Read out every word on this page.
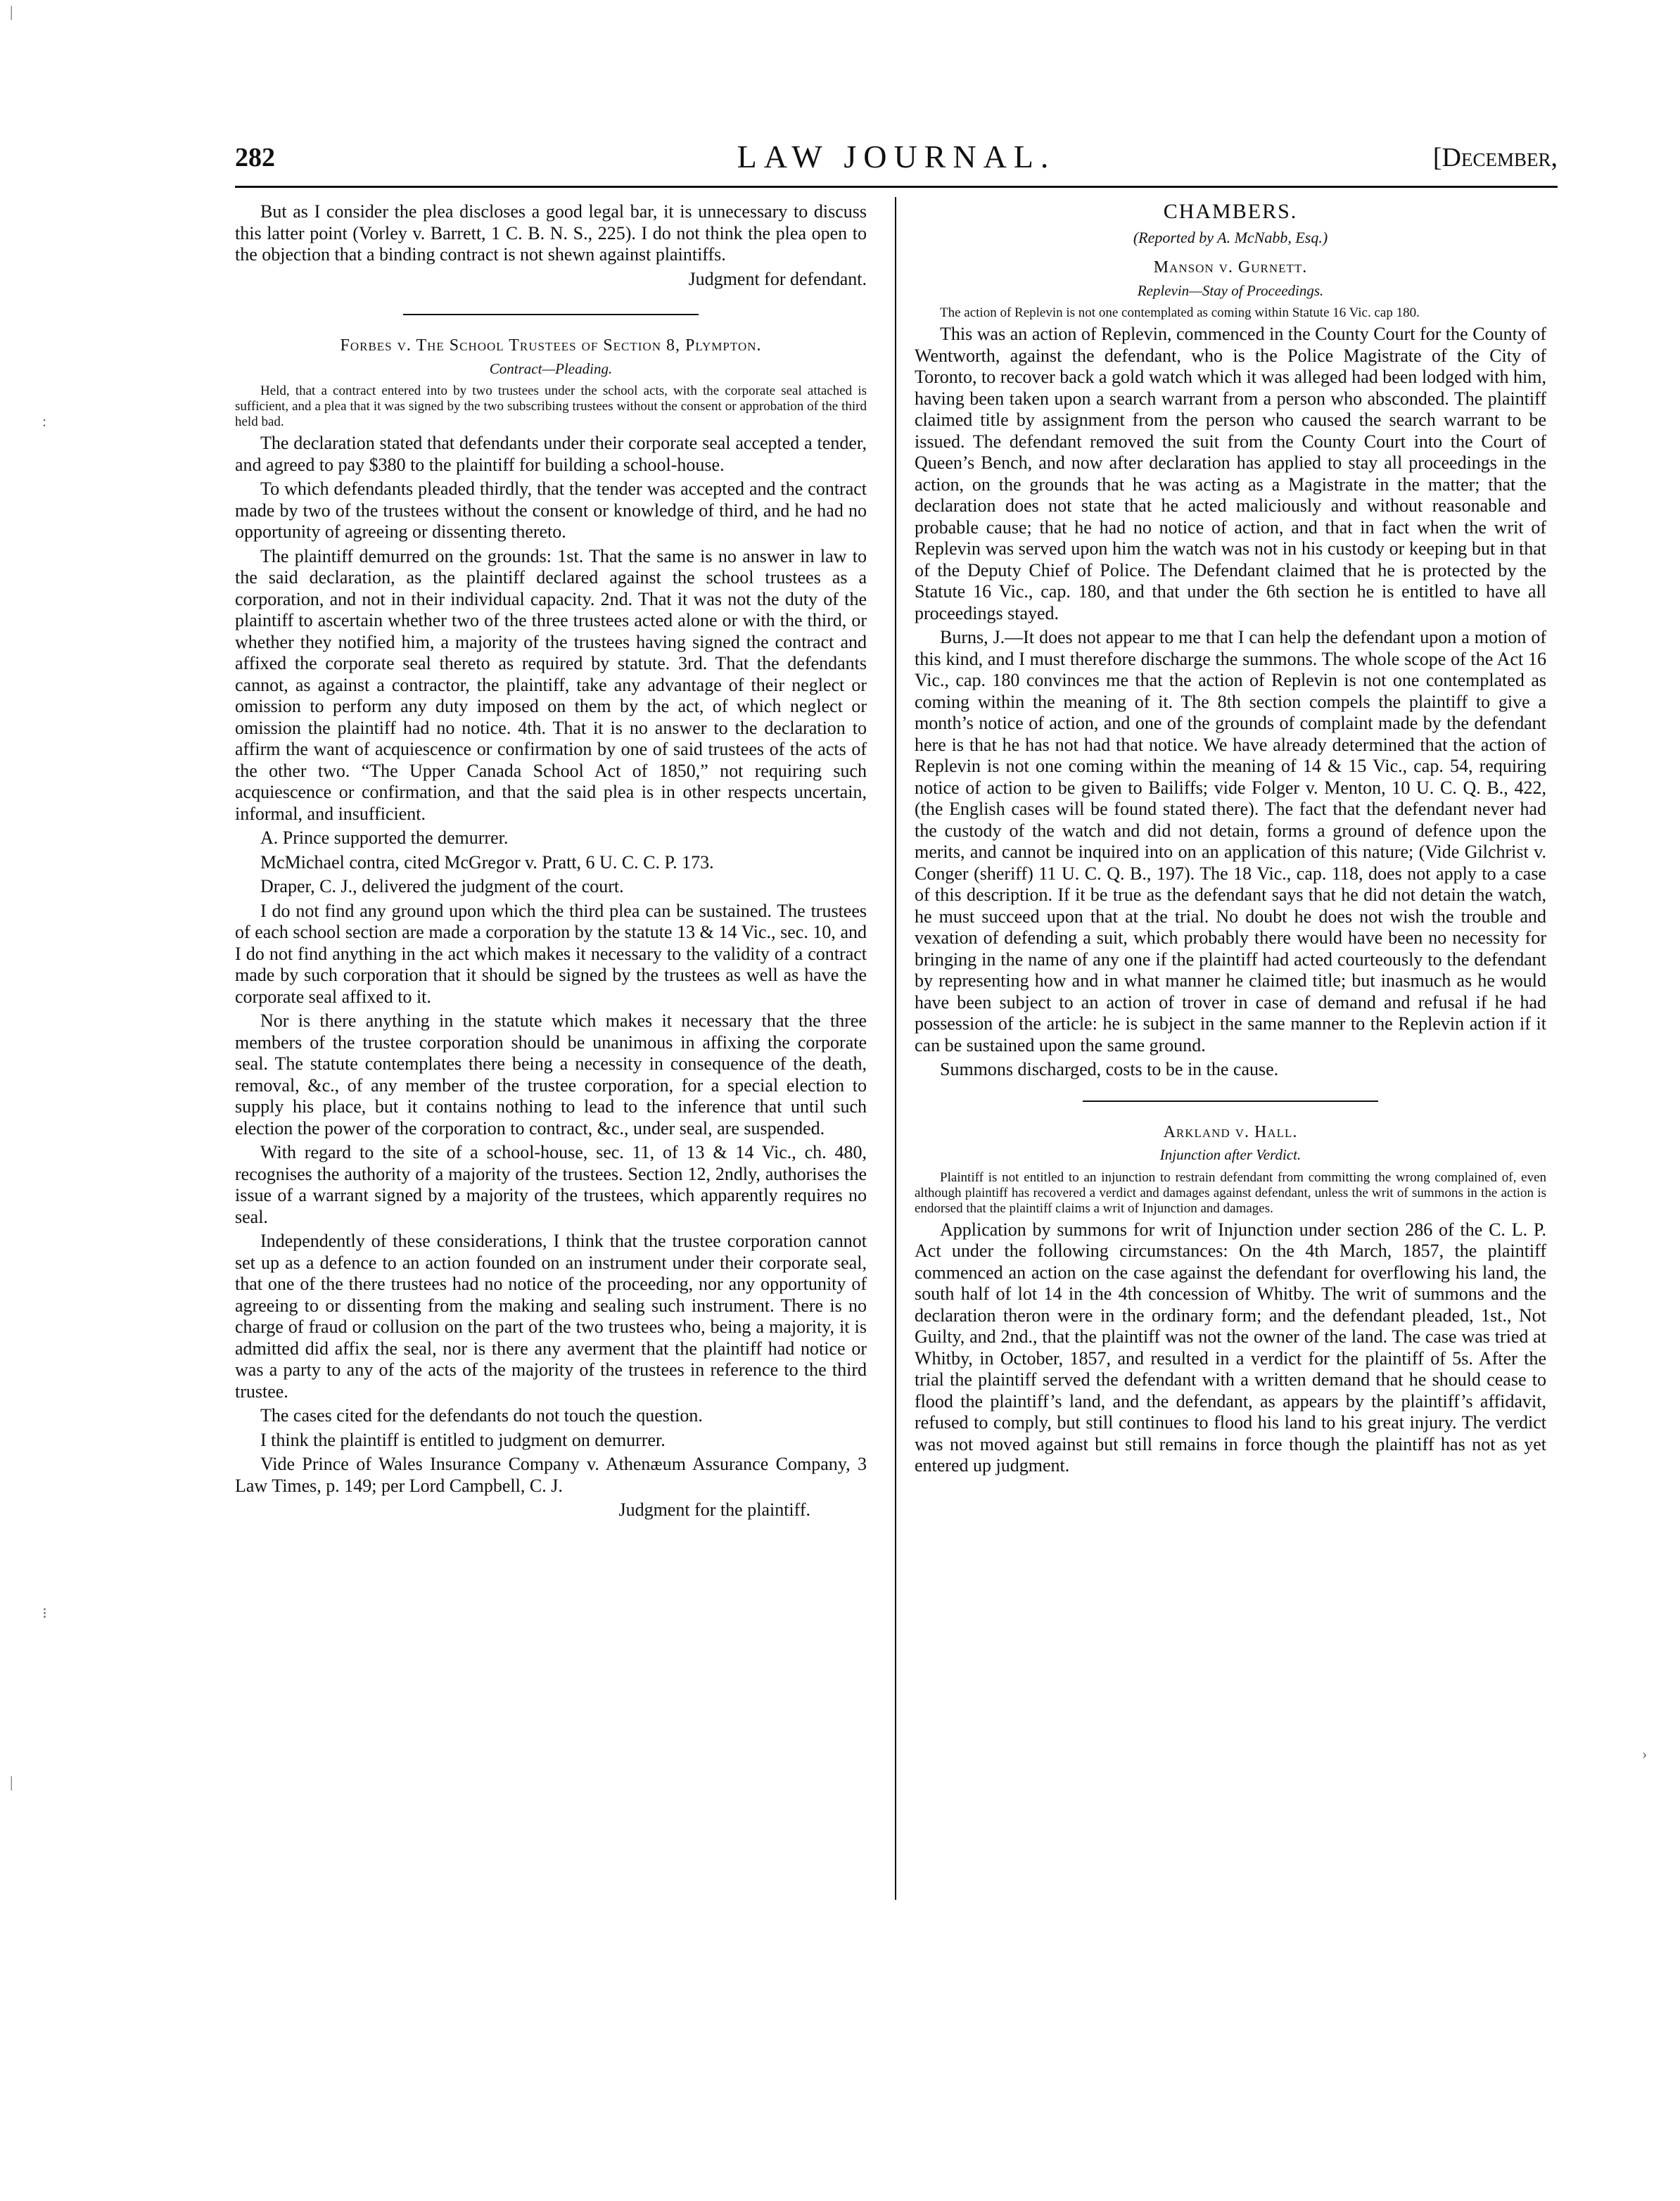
282	LAW JOURNAL.	[December,
|
:
⁝
|
›

But as I consider the plea discloses a good legal bar, it is unnecessary to discuss this latter point (Vorley v. Barrett, 1 C. B. N. S., 225). I do not think the plea open to the objection that a binding contract is not shewn against plaintiffs.

Judgment for defendant.

Forbes v. The School Trustees of Section 8, Plympton.
Contract—Pleading.

Held, that a contract entered into by two trustees under the school acts, with the corporate seal attached is sufficient, and a plea that it was signed by the two subscribing trustees without the consent or approbation of the third held bad.

The declaration stated that defendants under their corporate seal accepted a tender, and agreed to pay $380 to the plaintiff for building a school-house.

To which defendants pleaded thirdly, that the tender was accepted and the contract made by two of the trustees without the consent or knowledge of third, and he had no opportunity of agreeing or dissenting thereto.

The plaintiff demurred on the grounds: 1st. That the same is no answer in law to the said declaration, as the plaintiff declared against the school trustees as a corporation, and not in their individual capacity. 2nd. That it was not the duty of the plaintiff to ascertain whether two of the three trustees acted alone or with the third, or whether they notified him, a majority of the trustees having signed the contract and affixed the corporate seal thereto as required by statute. 3rd. That the defendants cannot, as against a contractor, the plaintiff, take any advantage of their neglect or omission to perform any duty imposed on them by the act, of which neglect or omission the plaintiff had no notice. 4th. That it is no answer to the declaration to affirm the want of acquiescence or confirmation by one of said trustees of the acts of the other two. “The Upper Canada School Act of 1850,” not requiring such acquiescence or confirmation, and that the said plea is in other respects uncertain, informal, and insufficient.

A. Prince supported the demurrer.

McMichael contra, cited McGregor v. Pratt, 6 U. C. C. P. 173.

Draper, C. J., delivered the judgment of the court.

I do not find any ground upon which the third plea can be sustained. The trustees of each school section are made a corporation by the statute 13 & 14 Vic., sec. 10, and I do not find anything in the act which makes it necessary to the validity of a contract made by such corporation that it should be signed by the trustees as well as have the corporate seal affixed to it.

Nor is there anything in the statute which makes it necessary that the three members of the trustee corporation should be unanimous in affixing the corporate seal. The statute contemplates there being a necessity in consequence of the death, removal, &c., of any member of the trustee corporation, for a special election to supply his place, but it contains nothing to lead to the inference that until such election the power of the corporation to contract, &c., under seal, are suspended.

With regard to the site of a school-house, sec. 11, of 13 & 14 Vic., ch. 480, recognises the authority of a majority of the trustees. Section 12, 2ndly, authorises the issue of a warrant signed by a majority of the trustees, which apparently requires no seal.

Independently of these considerations, I think that the trustee corporation cannot set up as a defence to an action founded on an instrument under their corporate seal, that one of the there trustees had no notice of the proceeding, nor any opportunity of agreeing to or dissenting from the making and sealing such instrument. There is no charge of fraud or collusion on the part of the two trustees who, being a majority, it is admitted did affix the seal, nor is there any averment that the plaintiff had notice or was a party to any of the acts of the majority of the trustees in reference to the third trustee.

The cases cited for the defendants do not touch the question.

I think the plaintiff is entitled to judgment on demurrer.

Vide Prince of Wales Insurance Company v. Athenæum Assurance Company, 3 Law Times, p. 149; per Lord Campbell, C. J.

Judgment for the plaintiff.

CHAMBERS.
(Reported by A. McNabb, Esq.)
Manson v. Gurnett.
Replevin—Stay of Proceedings.

The action of Replevin is not one contemplated as coming within Statute 16 Vic. cap 180.

This was an action of Replevin, commenced in the County Court for the County of Wentworth, against the defendant, who is the Police Magistrate of the City of Toronto, to recover back a gold watch which it was alleged had been lodged with him, having been taken upon a search warrant from a person who absconded. The plaintiff claimed title by assignment from the person who caused the search warrant to be issued. The defendant removed the suit from the County Court into the Court of Queen’s Bench, and now after declaration has applied to stay all proceedings in the action, on the grounds that he was acting as a Magistrate in the matter; that the declaration does not state that he acted maliciously and without reasonable and probable cause; that he had no notice of action, and that in fact when the writ of Replevin was served upon him the watch was not in his custody or keeping but in that of the Deputy Chief of Police. The Defendant claimed that he is protected by the Statute 16 Vic., cap. 180, and that under the 6th section he is entitled to have all proceedings stayed.

Burns, J.—It does not appear to me that I can help the defendant upon a motion of this kind, and I must therefore discharge the summons. The whole scope of the Act 16 Vic., cap. 180 convinces me that the action of Replevin is not one contemplated as coming within the meaning of it. The 8th section compels the plaintiff to give a month’s notice of action, and one of the grounds of complaint made by the defendant here is that he has not had that notice. We have already determined that the action of Replevin is not one coming within the meaning of 14 & 15 Vic., cap. 54, requiring notice of action to be given to Bailiffs; vide Folger v. Menton, 10 U. C. Q. B., 422, (the English cases will be found stated there). The fact that the defendant never had the custody of the watch and did not detain, forms a ground of defence upon the merits, and cannot be inquired into on an application of this nature; (Vide Gilchrist v. Conger (sheriff) 11 U. C. Q. B., 197). The 18 Vic., cap. 118, does not apply to a case of this description. If it be true as the defendant says that he did not detain the watch, he must succeed upon that at the trial. No doubt he does not wish the trouble and vexation of defending a suit, which probably there would have been no necessity for bringing in the name of any one if the plaintiff had acted courteously to the defendant by representing how and in what manner he claimed title; but inasmuch as he would have been subject to an action of trover in case of demand and refusal if he had possession of the article: he is subject in the same manner to the Replevin action if it can be sustained upon the same ground.

Summons discharged, costs to be in the cause.

Arkland v. Hall.
Injunction after Verdict.

Plaintiff is not entitled to an injunction to restrain defendant from committing the wrong complained of, even although plaintiff has recovered a verdict and damages against defendant, unless the writ of summons in the action is endorsed that the plaintiff claims a writ of Injunction and damages.

Application by summons for writ of Injunction under section 286 of the C. L. P. Act under the following circumstances: On the 4th March, 1857, the plaintiff commenced an action on the case against the defendant for overflowing his land, the south half of lot 14 in the 4th concession of Whitby. The writ of summons and the declaration theron were in the ordinary form; and the defendant pleaded, 1st., Not Guilty, and 2nd., that the plaintiff was not the owner of the land. The case was tried at Whitby, in October, 1857, and resulted in a verdict for the plaintiff of 5s. After the trial the plaintiff served the defendant with a written demand that he should cease to flood the plaintiff’s land, and the defendant, as appears by the plaintiff’s affidavit, refused to comply, but still continues to flood his land to his great injury. The verdict was not moved against but still remains in force though the plaintiff has not as yet entered up judgment.
